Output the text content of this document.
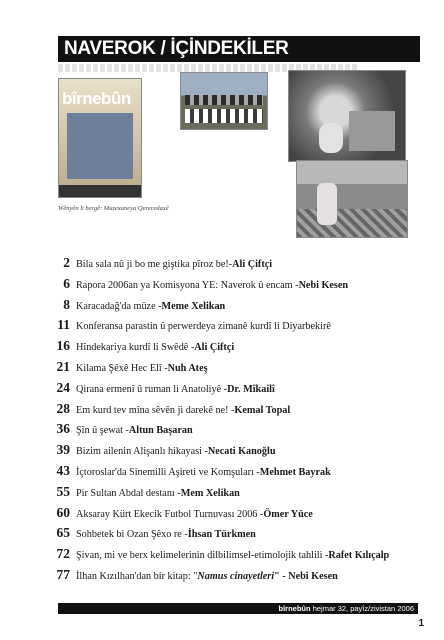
NAVEROK / İÇİNDEKİLER
bîrnebûn
Wênyên li bergê: Muzexaneya Qerecedaxê
2 Bila sala nû ji bo me giştika pîroz be!- Ali Çiftçi
6 Rapora 2006an ya Komisyona YE: Naverok û encam - Nebi Kesen
8 Karacadağ'da müze - Meme Xelikan
11 Konferansa parastin û perwerdeya zimanê kurdî li Diyarbekirê
16 Hîndekariya kurdî li Swêdê - Ali Çiftçi
21 Kilama Şêxê Hec Elî - Nuh Ateş
24 Qirana ermenî û ruman li Anatoliyê - Dr. Mîkailî
28 Em kurd tev mîna sêvên ji darekê ne! - Kemal Topal
36 Şîn û şewat - Altun Başaran
39 Bizim ailenin Alişanlı hikayasi - Necati Kanoğlu
43 İçtoroslar'da Sinemilli Aşireti ve Komşuları - Mehmet Bayrak
55 Pir Sultan Abdal destanı - Mem Xelikan
60 Aksaray Kürt Ekecik Futbol Turnuvası 2006 - Ömer Yüce
65 Sohbetek bi Ozan Şêxo re - İhsan Türkmen
72 Şivan, mi ve berx kelimelerinin dilbilimsel-etimolojik tahlili - Rafet Kılıçalp
77 İlhan Kızılhan'dan bir kitap: " Namus cinayetleri " - Nebi Kesen
bîrnebûn hejmar 32, payîz/zivistan 2006
1
